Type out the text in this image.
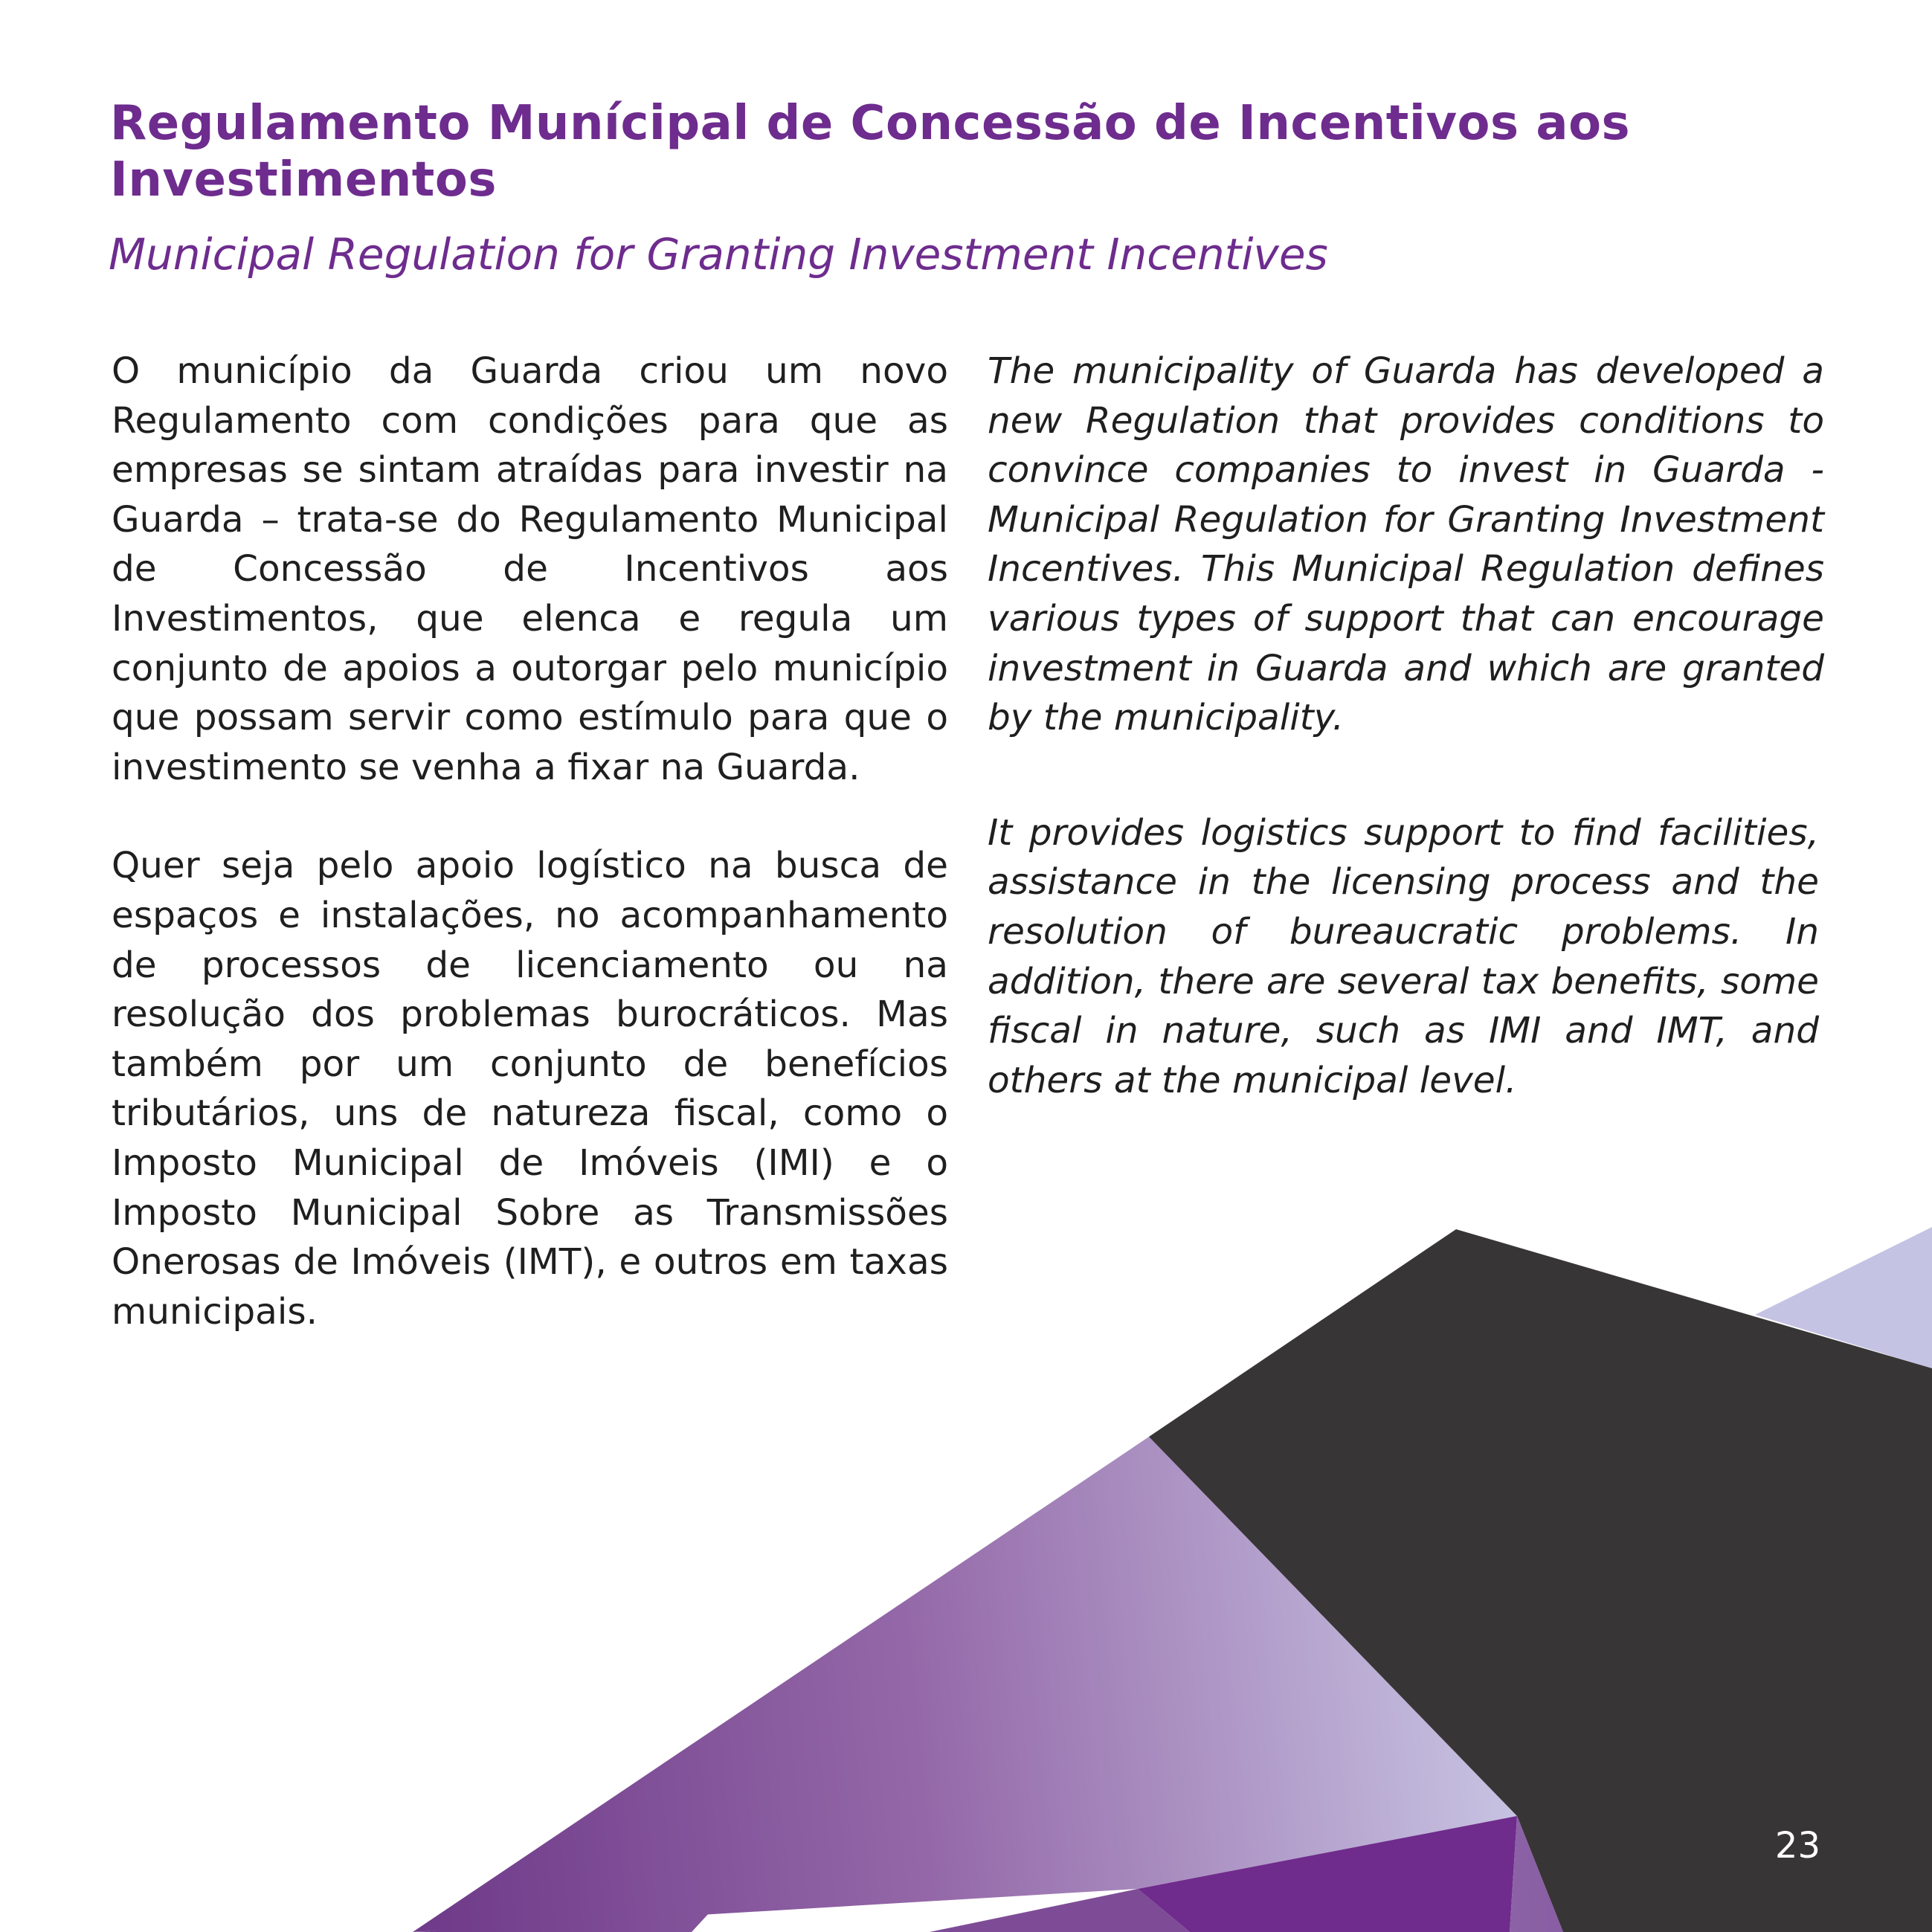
Regulamento Munícipal de Concessão de Incentivos aos Investimentos
Municipal Regulation for Granting Investment Incentives

O município da Guarda criou um novo Regulamento com condições para que as empresas se sintam atraídas para investir na Guarda – trata-se do Regulamento Municipal de Concessão de Incentivos aos Investimentos, que elenca e regula um conjunto de apoios a outorgar pelo município que possam servir como estímulo para que o investimento se venha a fixar na Guarda.

Quer seja pelo apoio logístico na busca de espaços e instalações, no acompanhamento de processos de licenciamento ou na resolução dos problemas burocráticos. Mas também por um conjunto de benefícios tributários, uns de natureza fiscal, como o Imposto Municipal de Imóveis (IMI) e o Imposto Municipal Sobre as Transmissões Onerosas de Imóveis (IMT), e outros em taxas municipais.

The municipality of Guarda has developed a new Regulation that provides conditions to convince companies to invest in Guarda - Municipal Regulation for Granting Investment Incentives. This Municipal Regulation defines various types of support that can encourage investment in Guarda and which are granted by the municipality.

It provides logistics support to find facilities, assistance in the licensing process and the resolution of bureaucratic problems. In addition, there are several tax benefits, some fiscal in nature, such as IMI and IMT, and others at the municipal level.

23
